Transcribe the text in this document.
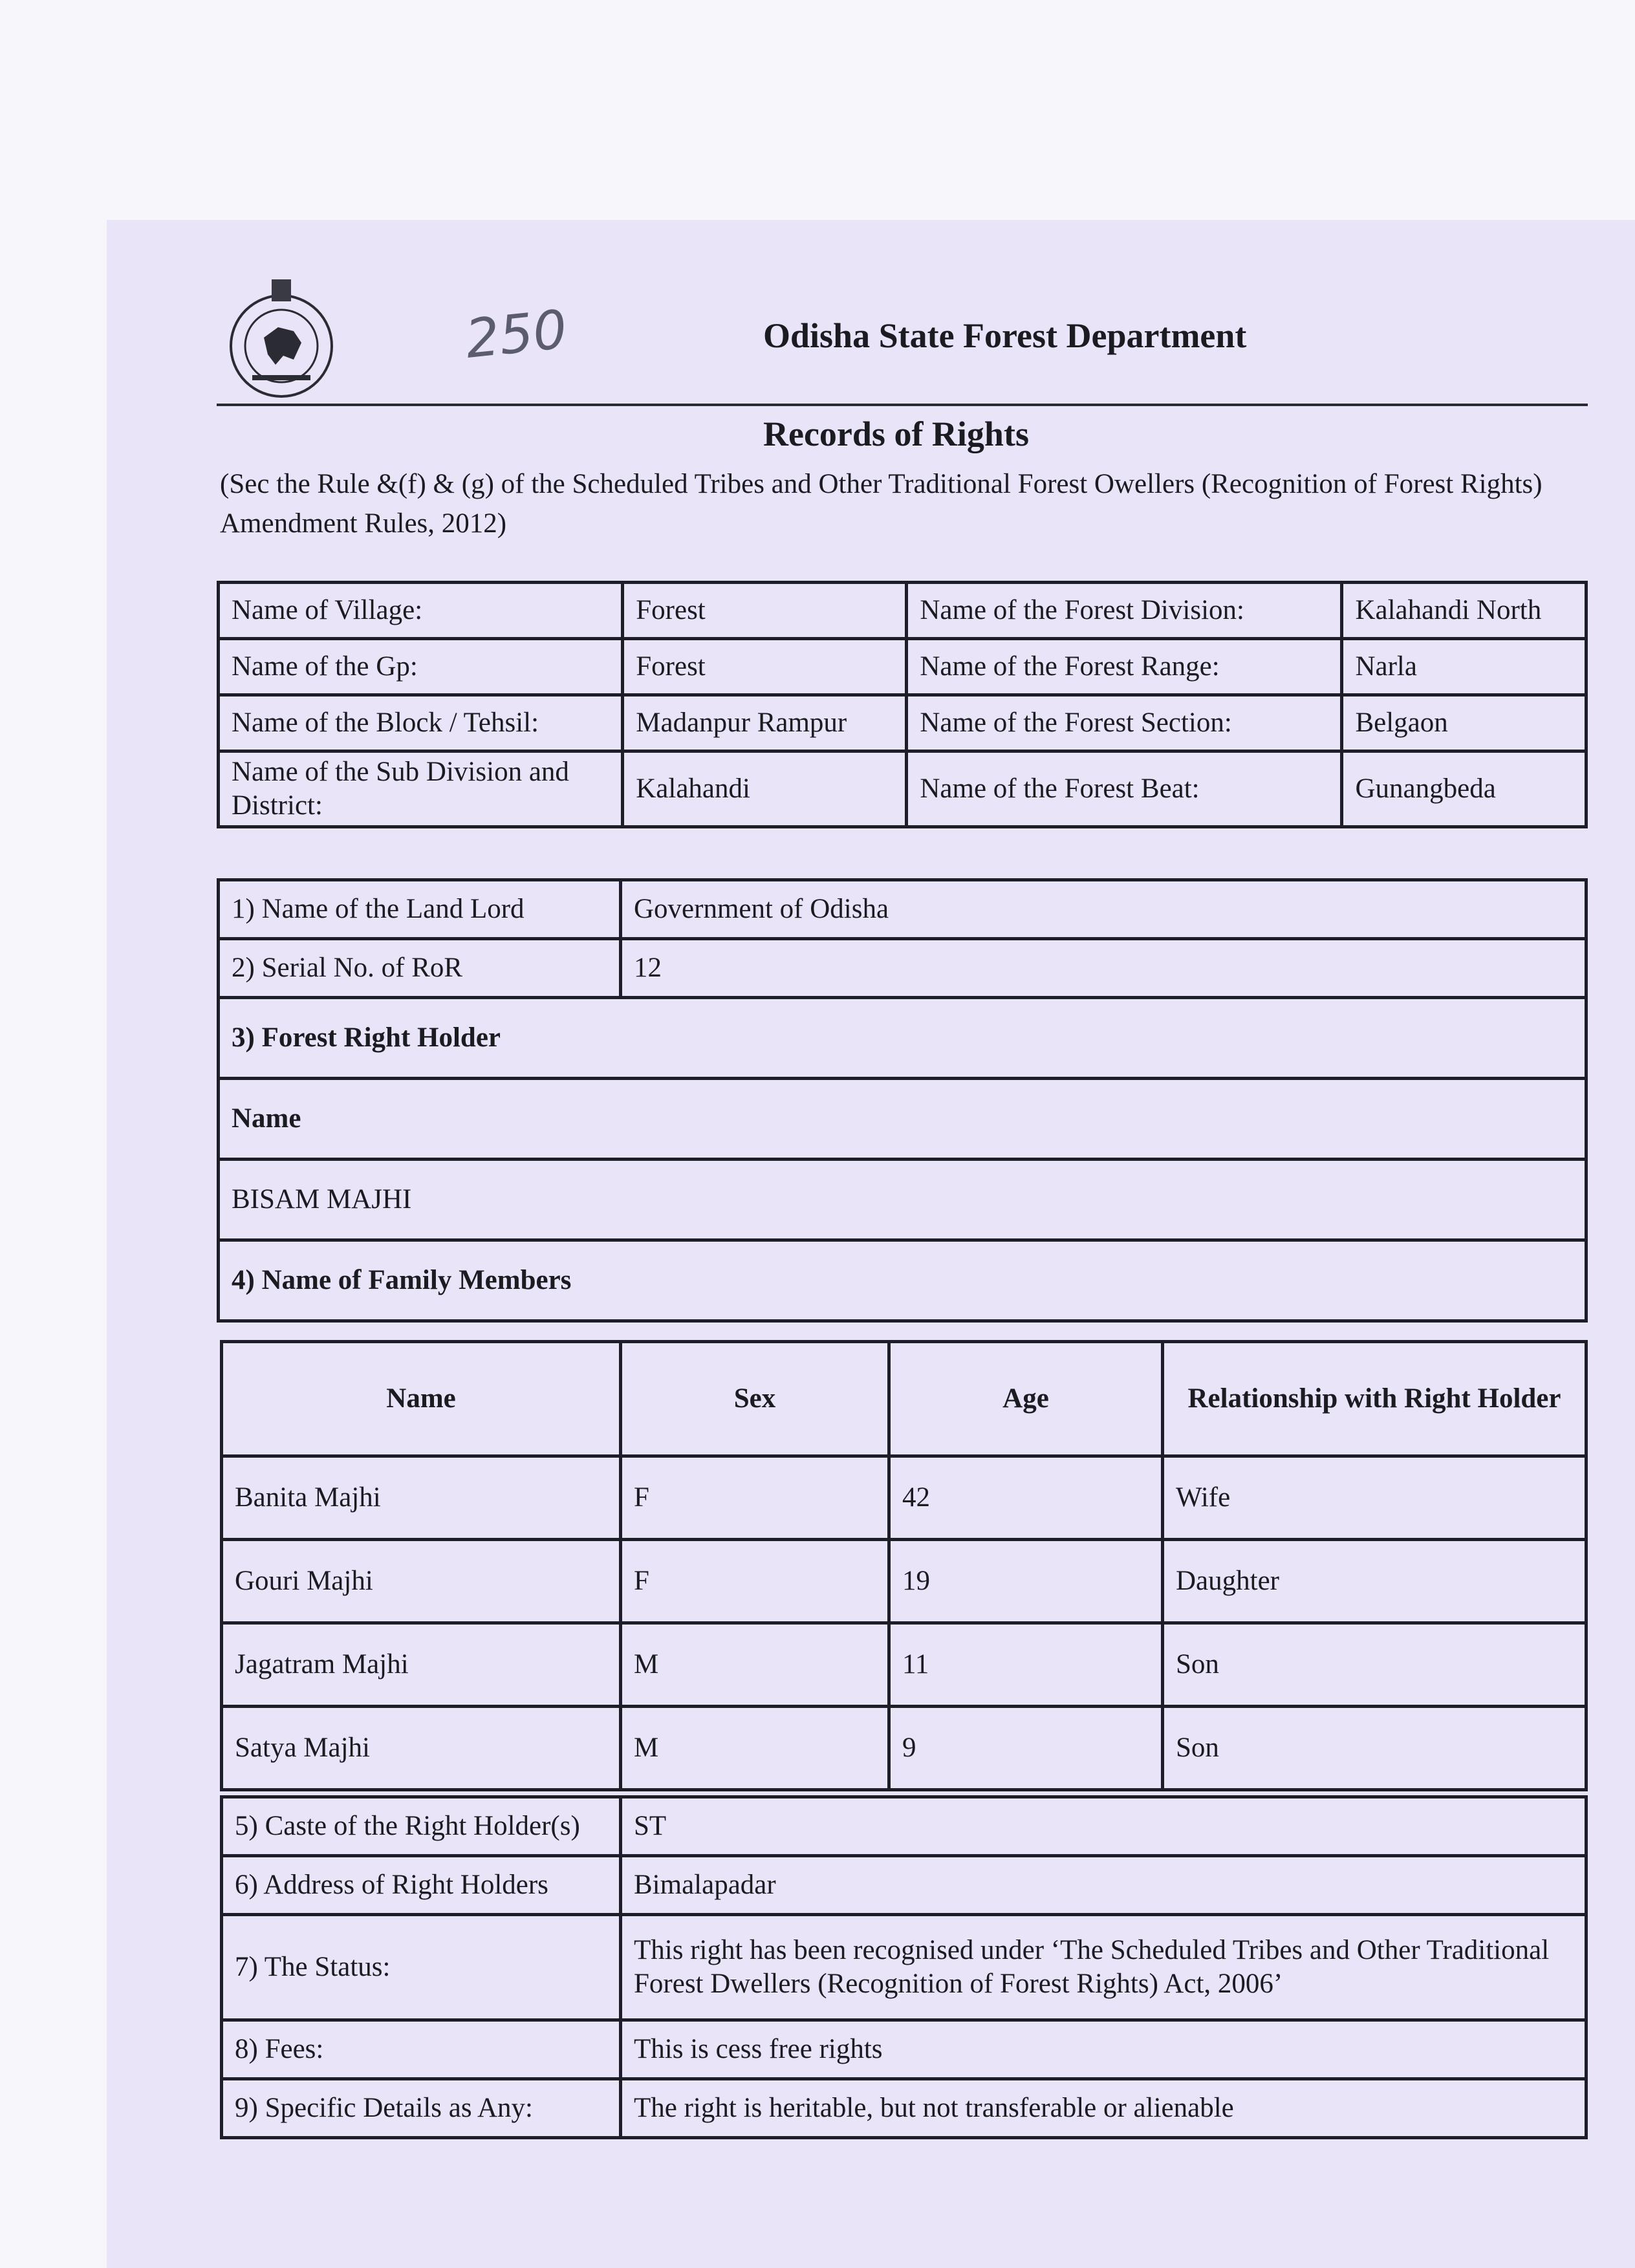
250	Odisha State Forest Department
Records of Rights
(Sec the Rule &(f) & (g) of the Scheduled Tribes and Other Traditional Forest Owellers (Recognition of Forest Rights) Amendment Rules, 2012)
Name of Village:	Forest	Name of the Forest Division:	Kalahandi North
Name of the Gp:	Forest	Name of the Forest Range:	Narla
Name of the Block / Tehsil:	Madanpur Rampur	Name of the Forest Section:	Belgaon
Name of the Sub Division and District:	Kalahandi	Name of the Forest Beat:	Gunangbeda
1) Name of the Land Lord	Government of Odisha
2) Serial No. of RoR	12
3) Forest Right Holder	
Name	
BISAM MAJHI	
4) Name of Family Members	
Name	Sex	Age	Relationship with Right Holder
Banita Majhi	F	42	Wife
Gouri Majhi	F	19	Daughter
Jagatram Majhi	M	11	Son
Satya Majhi	M	9	Son
5) Caste of the Right Holder(s)	ST
6) Address of Right Holders	Bimalapadar
7) The Status:	This right has been recognised under ‘The Scheduled Tribes and Other Traditional Forest Dwellers (Recognition of Forest Rights) Act, 2006’
8) Fees:	This is cess free rights
9) Specific Details as Any:	The right is heritable, but not transferable or alienable
